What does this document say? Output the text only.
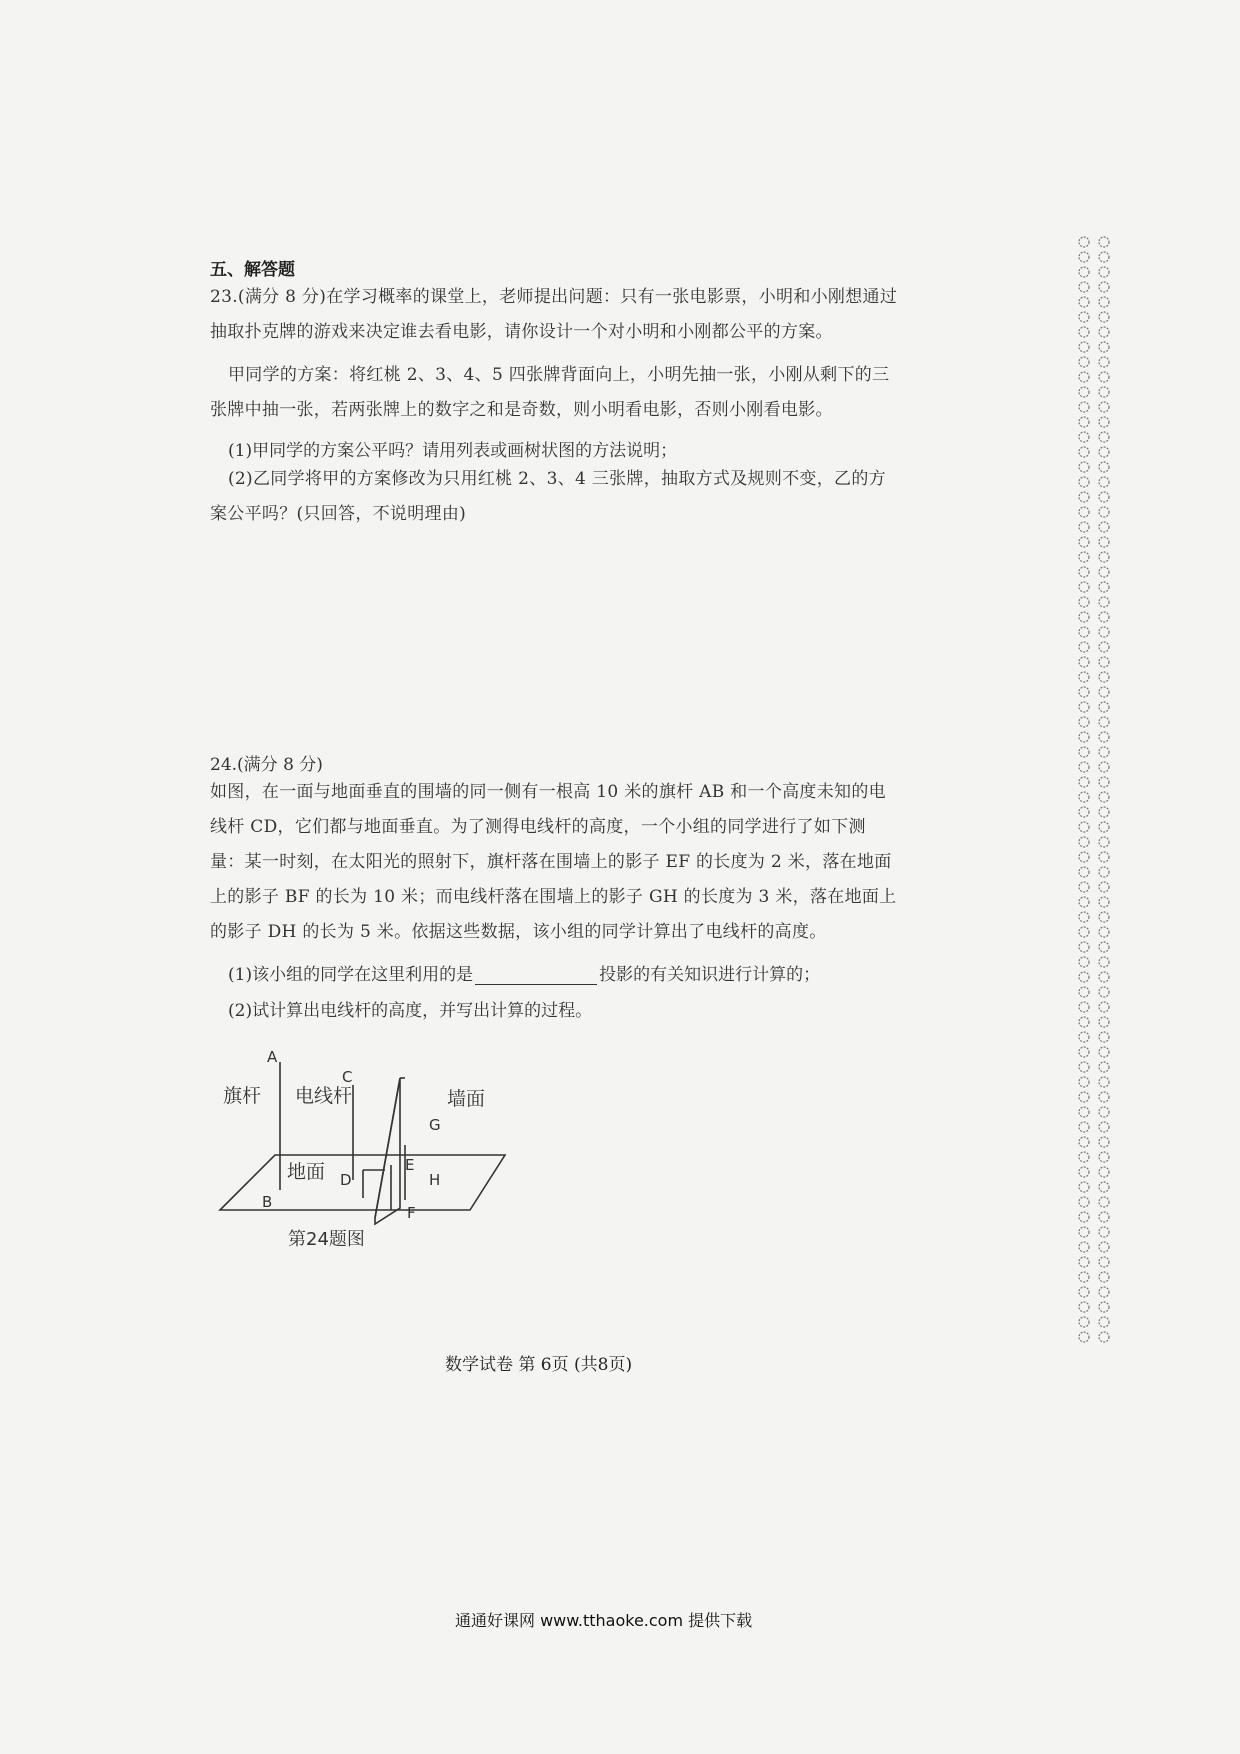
五、解答题
23.(满分 8 分)在学习概率的课堂上，老师提出问题：只有一张电影票，小明和小刚想通过抽取扑克牌的游戏来决定谁去看电影，请你设计一个对小明和小刚都公平的方案。
甲同学的方案：将红桃 2、3、4、5 四张牌背面向上，小明先抽一张，小刚从剩下的三张牌中抽一张，若两张牌上的数字之和是奇数，则小明看电影，否则小刚看电影。
(1)甲同学的方案公平吗？请用列表或画树状图的方法说明；
(2)乙同学将甲的方案修改为只用红桃 2、3、4 三张牌，抽取方式及规则不变，乙的方案公平吗？(只回答，不说明理由)
24.(满分 8 分)
如图，在一面与地面垂直的围墙的同一侧有一根高 10 米的旗杆 AB 和一个高度未知的电线杆 CD，它们都与地面垂直。为了测得电线杆的高度，一个小组的同学进行了如下测量：某一时刻，在太阳光的照射下，旗杆落在围墙上的影子 EF 的长度为 2 米，落在地面上的影子 BF 的长为 10 米；而电线杆落在围墙上的影子 GH 的长度为 3 米，落在地面上的影子 DH 的长为 5 米。依据这些数据，该小组的同学计算出了电线杆的高度。
(1)该小组的同学在这里利用的是	投影的有关知识进行计算的；
(2)试计算出电线杆的高度，并写出计算的过程。
A
B
C
D
E
F
G
H
旗杆 电线杆	墙面
地面
第24题图
数学试卷 第 6页 (共8页)
通通好课网 www.tthaoke.com 提供下载
